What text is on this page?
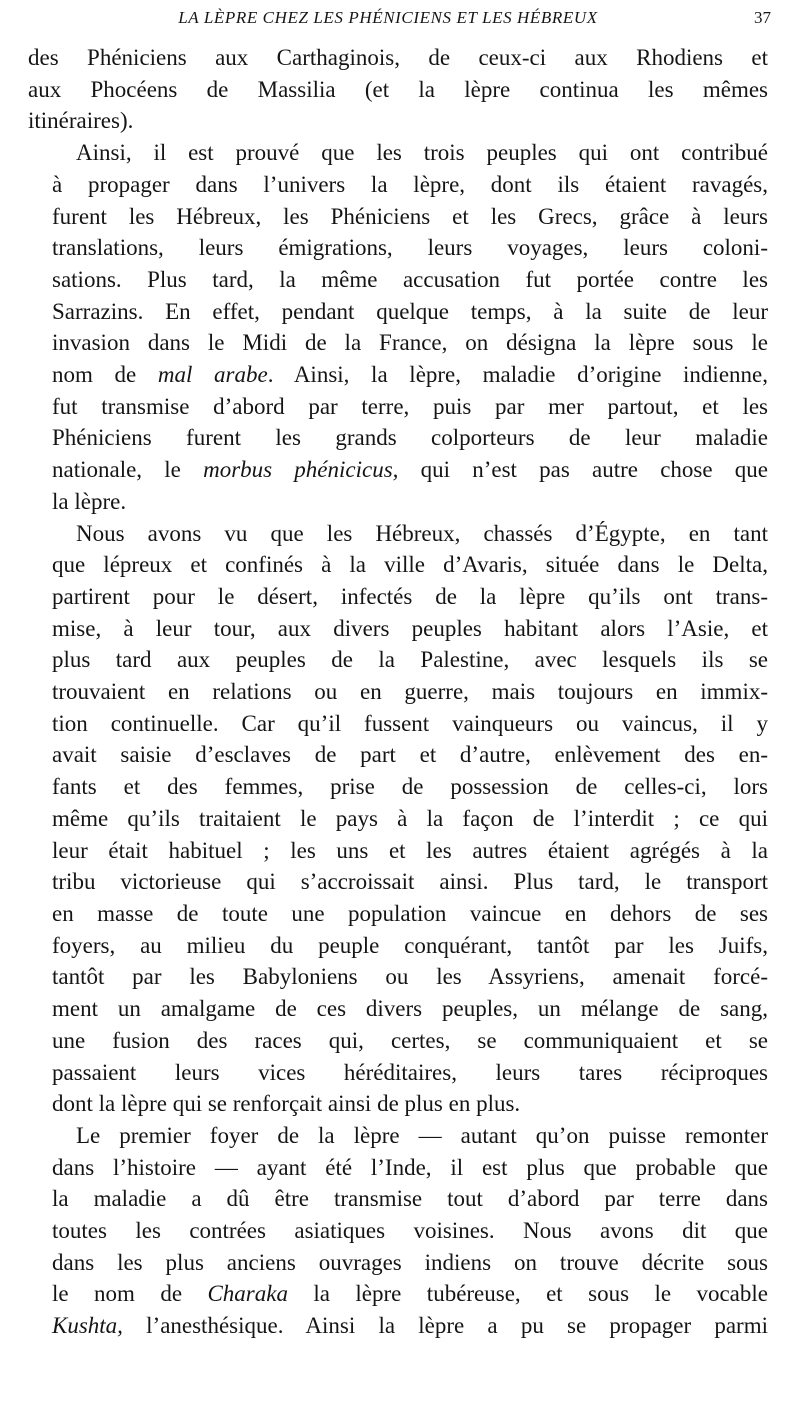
LA LÈPRE CHEZ LES PHÉNICIENS ET LES HÉBREUX	37
des Phéniciens aux Carthaginois, de ceux-ci aux Rhodiens et
aux Phocéens de Massilia (et la lèpre continua les mêmes
itinéraires).
Ainsi, il est prouvé que les trois peuples qui ont contribué
à propager dans l’univers la lèpre, dont ils étaient ravagés,
furent les Hébreux, les Phéniciens et les Grecs, grâce à leurs
translations, leurs émigrations, leurs voyages, leurs coloni-
sations. Plus tard, la même accusation fut portée contre les
Sarrazins. En effet, pendant quelque temps, à la suite de leur
invasion dans le Midi de la France, on désigna la lèpre sous le
nom de mal arabe. Ainsi, la lèpre, maladie d’origine indienne,
fut transmise d’abord par terre, puis par mer partout, et les
Phéniciens furent les grands colporteurs de leur maladie
nationale, le morbus phénicicus, qui n’est pas autre chose que
la lèpre.
Nous avons vu que les Hébreux, chassés d’Égypte, en tant
que lépreux et confinés à la ville d’Avaris, située dans le Delta,
partirent pour le désert, infectés de la lèpre qu’ils ont trans-
mise, à leur tour, aux divers peuples habitant alors l’Asie, et
plus tard aux peuples de la Palestine, avec lesquels ils se
trouvaient en relations ou en guerre, mais toujours en immix-
tion continuelle. Car qu’il fussent vainqueurs ou vaincus, il y
avait saisie d’esclaves de part et d’autre, enlèvement des en-
fants et des femmes, prise de possession de celles-ci, lors
même qu’ils traitaient le pays à la façon de l’interdit ; ce qui
leur était habituel ; les uns et les autres étaient agrégés à la
tribu victorieuse qui s’accroissait ainsi. Plus tard, le transport
en masse de toute une population vaincue en dehors de ses
foyers, au milieu du peuple conquérant, tantôt par les Juifs,
tantôt par les Babyloniens ou les Assyriens, amenait forcé-
ment un amalgame de ces divers peuples, un mélange de sang,
une fusion des races qui, certes, se communiquaient et se
passaient leurs vices héréditaires, leurs tares réciproques
dont la lèpre qui se renforçait ainsi de plus en plus.
Le premier foyer de la lèpre — autant qu’on puisse remonter
dans l’histoire — ayant été l’Inde, il est plus que probable que
la maladie a dû être transmise tout d’abord par terre dans
toutes les contrées asiatiques voisines. Nous avons dit que
dans les plus anciens ouvrages indiens on trouve décrite sous
le nom de Charaka la lèpre tubéreuse, et sous le vocable
Kushta, l’anesthésique. Ainsi la lèpre a pu se propager parmi
